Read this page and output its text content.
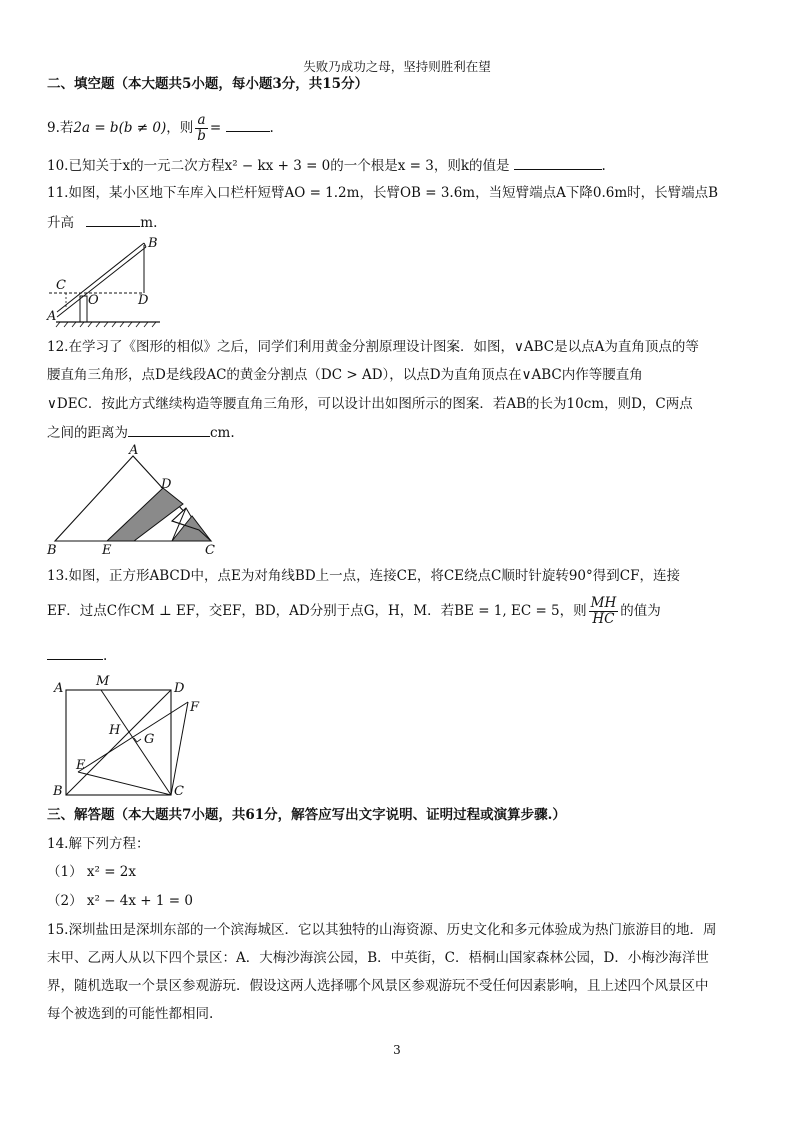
失败乃成功之母，坚持则胜利在望
二、填空题（本大题共5小题，每小题3分，共15分）
9.若2a = b(b ≠ 0)，则 $\frac{a}{b}$ =	.
10.已知关于x的一元二次方程x² − kx + 3 = 0的一个根是x = 3，则k的值是	.
11.如图，某小区地下车库入口栏杆短臂AO = 1.2m，长臂OB = 3.6m，当短臂端点A下降0.6m时，长臂端点B
升高	m.
B
C
O	D
A
12.在学习了《图形的相似》之后，同学们利用黄金分割原理设计图案．如图，∨ABC是以点A为直角顶点的等
腰直角三角形，点D是线段AC的黄金分割点（DC > AD），以点D为直角顶点在∨ABC内作等腰直角
∨DEC．按此方式继续构造等腰直角三角形，可以设计出如图所示的图案．若AB的长为10cm，则D，C两点
之间的距离为	cm.
A
D
B	E	C
13.如图，正方形ABCD中，点E为对角线BD上一点，连接CE，将CE绕点C顺时针旋转90°得到CF，连接
EF．过点C作CM ⊥ EF，交EF，BD，AD分别于点G，H，M．若BE = 1, EC = 5，则 $\frac{MH}{HC}$ 的值为
.
A	M	D
F
H
G
E
B	C
三、解答题（本大题共7小题，共61分，解答应写出文字说明、证明过程或演算步骤.）
14.解下列方程：
（1） x² = 2x
（2） x² − 4x + 1 = 0
15.深圳盐田是深圳东部的一个滨海城区．它以其独特的山海资源、历史文化和多元体验成为热门旅游目的地．周
末甲、乙两人从以下四个景区：A．大梅沙海滨公园，B．中英街，C．梧桐山国家森林公园，D．小梅沙海洋世
界，随机选取一个景区参观游玩．假设这两人选择哪个风景区参观游玩不受任何因素影响，且上述四个风景区中
每个被选到的可能性都相同.
3
